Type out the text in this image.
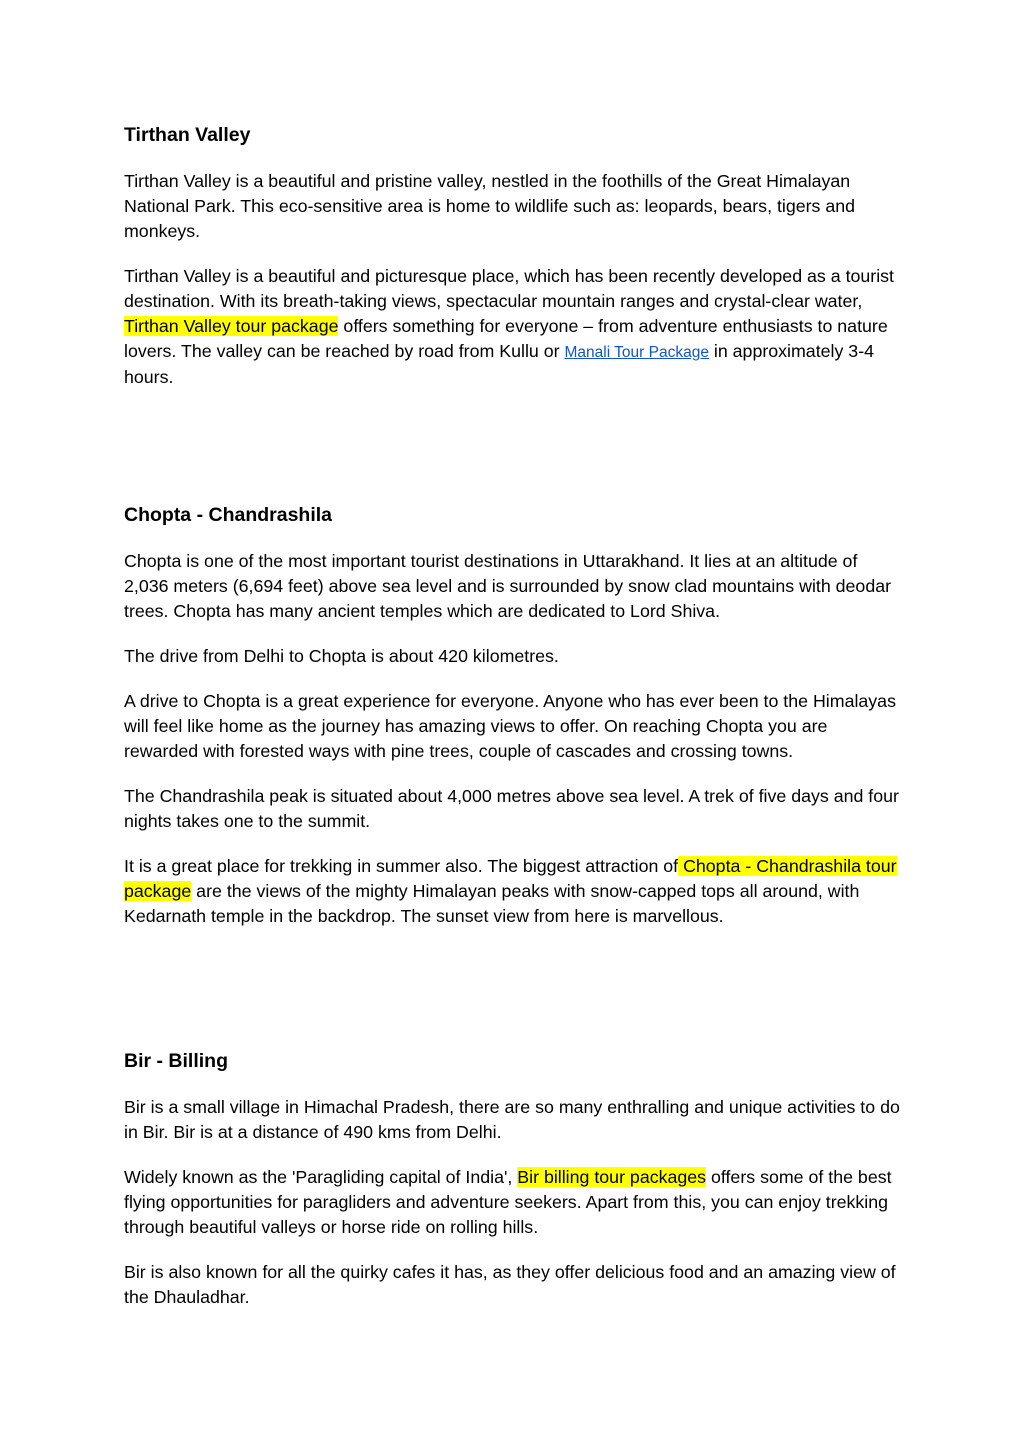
Tirthan Valley

Tirthan Valley is a beautiful and pristine valley, nestled in the foothills of the Great Himalayan National Park. This eco-sensitive area is home to wildlife such as: leopards, bears, tigers and monkeys.

Tirthan Valley is a beautiful and picturesque place, which has been recently developed as a tourist destination. With its breath-taking views, spectacular mountain ranges and crystal-clear water, Tirthan Valley tour package offers something for everyone – from adventure enthusiasts to nature lovers. The valley can be reached by road from Kullu or Manali Tour Package in approximately 3-4 hours.

Chopta - Chandrashila

Chopta is one of the most important tourist destinations in Uttarakhand. It lies at an altitude of 2,036 meters (6,694 feet) above sea level and is surrounded by snow clad mountains with deodar trees. Chopta has many ancient temples which are dedicated to Lord Shiva.

The drive from Delhi to Chopta is about 420 kilometres.

A drive to Chopta is a great experience for everyone. Anyone who has ever been to the Himalayas will feel like home as the journey has amazing views to offer. On reaching Chopta you are rewarded with forested ways with pine trees, couple of cascades and crossing towns.

The Chandrashila peak is situated about 4,000 metres above sea level. A trek of five days and four nights takes one to the summit.

It is a great place for trekking in summer also. The biggest attraction of Chopta - Chandrashila tour package are the views of the mighty Himalayan peaks with snow-capped tops all around, with Kedarnath temple in the backdrop. The sunset view from here is marvellous.

Bir - Billing

Bir is a small village in Himachal Pradesh, there are so many enthralling and unique activities to do in Bir. Bir is at a distance of 490 kms from Delhi.

Widely known as the 'Paragliding capital of India', Bir billing tour packages offers some of the best flying opportunities for paragliders and adventure seekers. Apart from this, you can enjoy trekking through beautiful valleys or horse ride on rolling hills.

Bir is also known for all the quirky cafes it has, as they offer delicious food and an amazing view of the Dhauladhar.
